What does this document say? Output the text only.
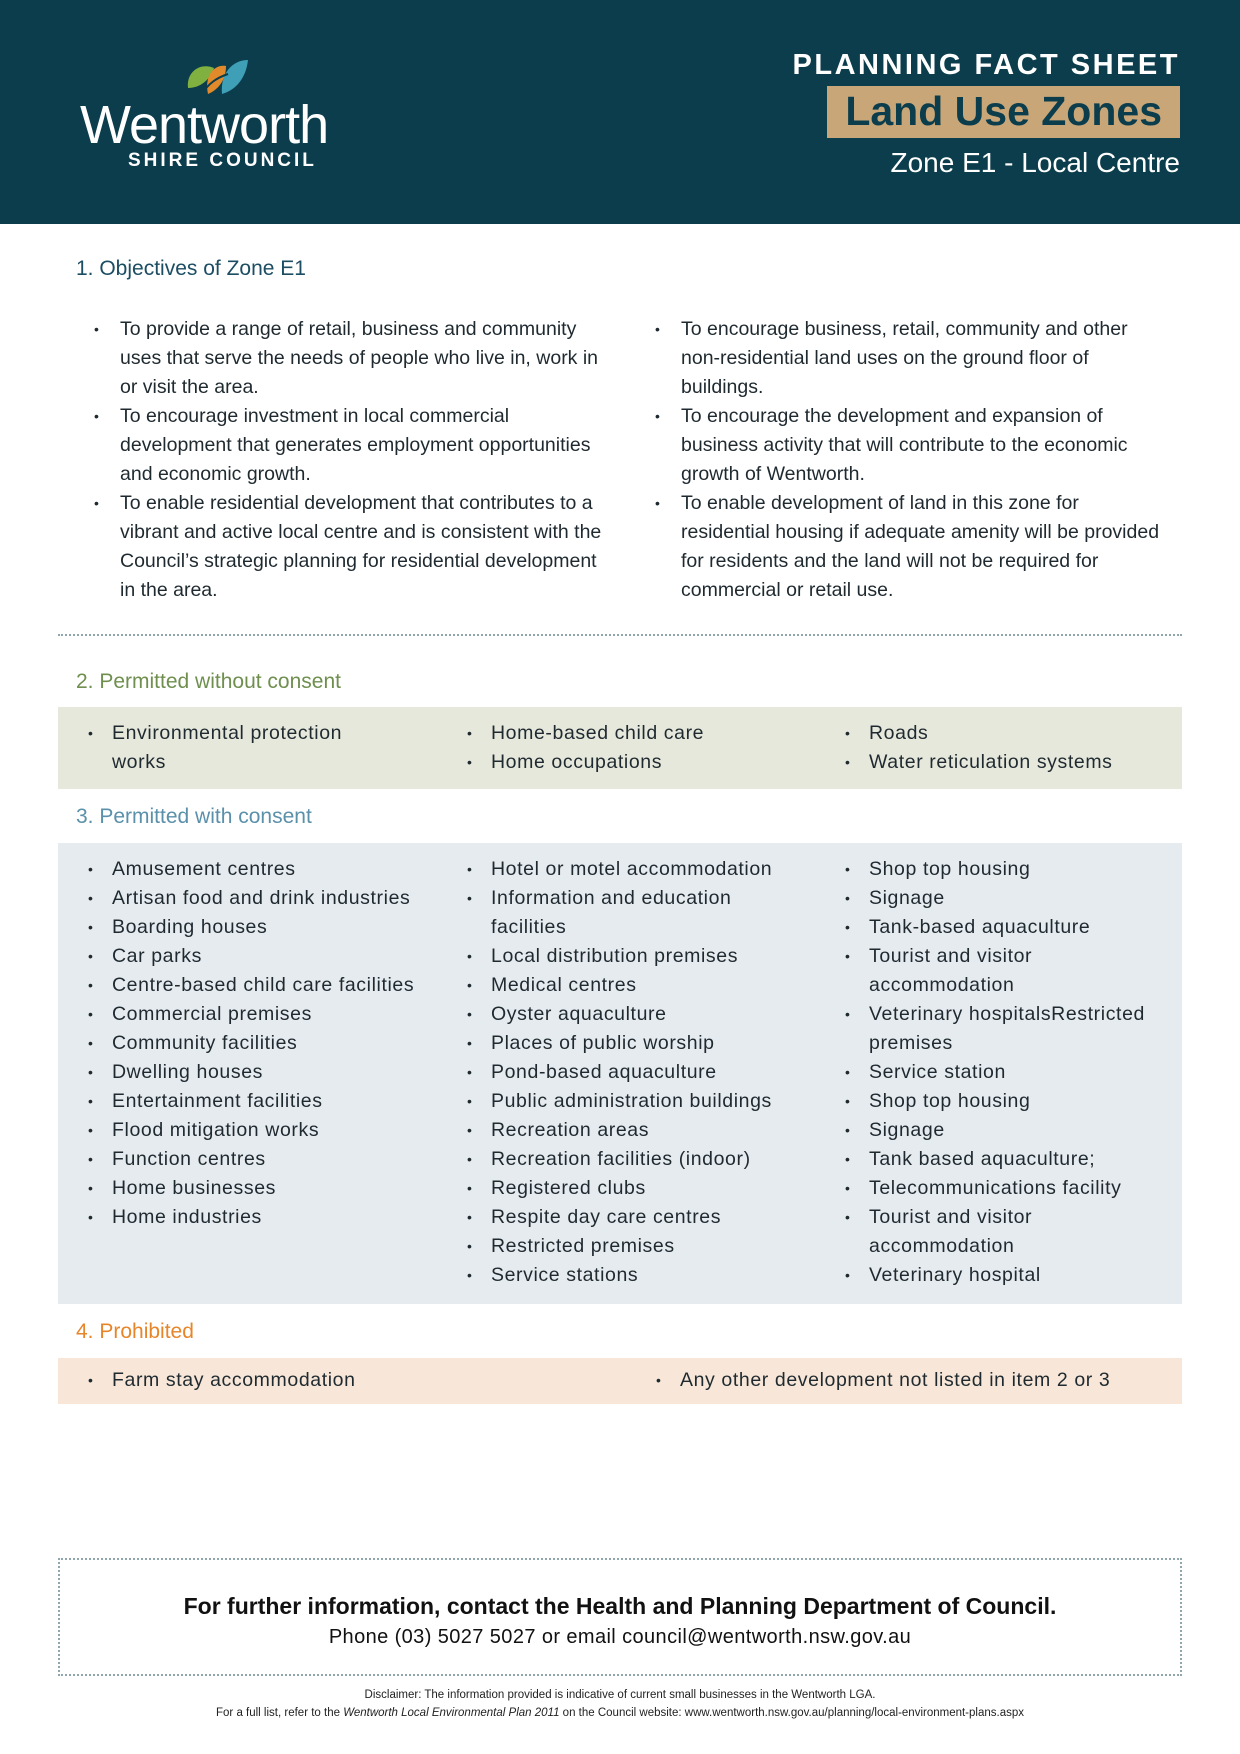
Wentworth
SHIRE COUNCIL
PLANNING FACT SHEET
Land Use Zones
Zone E1 - Local Centre
1. Objectives of Zone E1
• To provide a range of retail, business and community uses that serve the needs of people who live in, work in or visit the area.
• To encourage investment in local commercial development that generates employment opportunities and economic growth.
• To enable residential development that contributes to a vibrant and active local centre and is consistent with the Council’s strategic planning for residential development in the area.
• To encourage business, retail, community and other non-residential land uses on the ground floor of buildings.
• To encourage the development and expansion of business activity that will contribute to the economic growth of Wentworth.
• To enable development of land in this zone for residential housing if adequate amenity will be provided for residents and the land will not be required for commercial or retail use.
2. Permitted without consent
• Environmental protection works
• Home-based child care
• Home occupations
• Roads
• Water reticulation systems
3. Permitted with consent
• Amusement centres
• Artisan food and drink industries
• Boarding houses
• Car parks
• Centre-based child care facilities
• Commercial premises
• Community facilities
• Dwelling houses
• Entertainment facilities
• Flood mitigation works
• Function centres
• Home businesses
• Home industries
• Hotel or motel accommodation
• Information and education facilities
• Local distribution premises
• Medical centres
• Oyster aquaculture
• Places of public worship
• Pond-based aquaculture
• Public administration buildings
• Recreation areas
• Recreation facilities (indoor)
• Registered clubs
• Respite day care centres
• Restricted premises
• Service stations
• Shop top housing
• Signage
• Tank-based aquaculture
• Tourist and visitor accommodation
• Veterinary hospitalsRestricted premises
• Service station
• Shop top housing
• Signage
• Tank based aquaculture;
• Telecommunications facility
• Tourist and visitor accommodation
• Veterinary hospital
4. Prohibited
• Farm stay accommodation
•	Any other development not listed in item 2 or 3
For further information, contact the Health and Planning Department of Council.
Phone (03) 5027 5027 or email council@wentworth.nsw.gov.au
Disclaimer: The information provided is indicative of current small businesses in the Wentworth LGA.
For a full list, refer to the Wentworth Local Environmental Plan 2011 on the Council website: www.wentworth.nsw.gov.au/planning/local-environment-plans.aspx
